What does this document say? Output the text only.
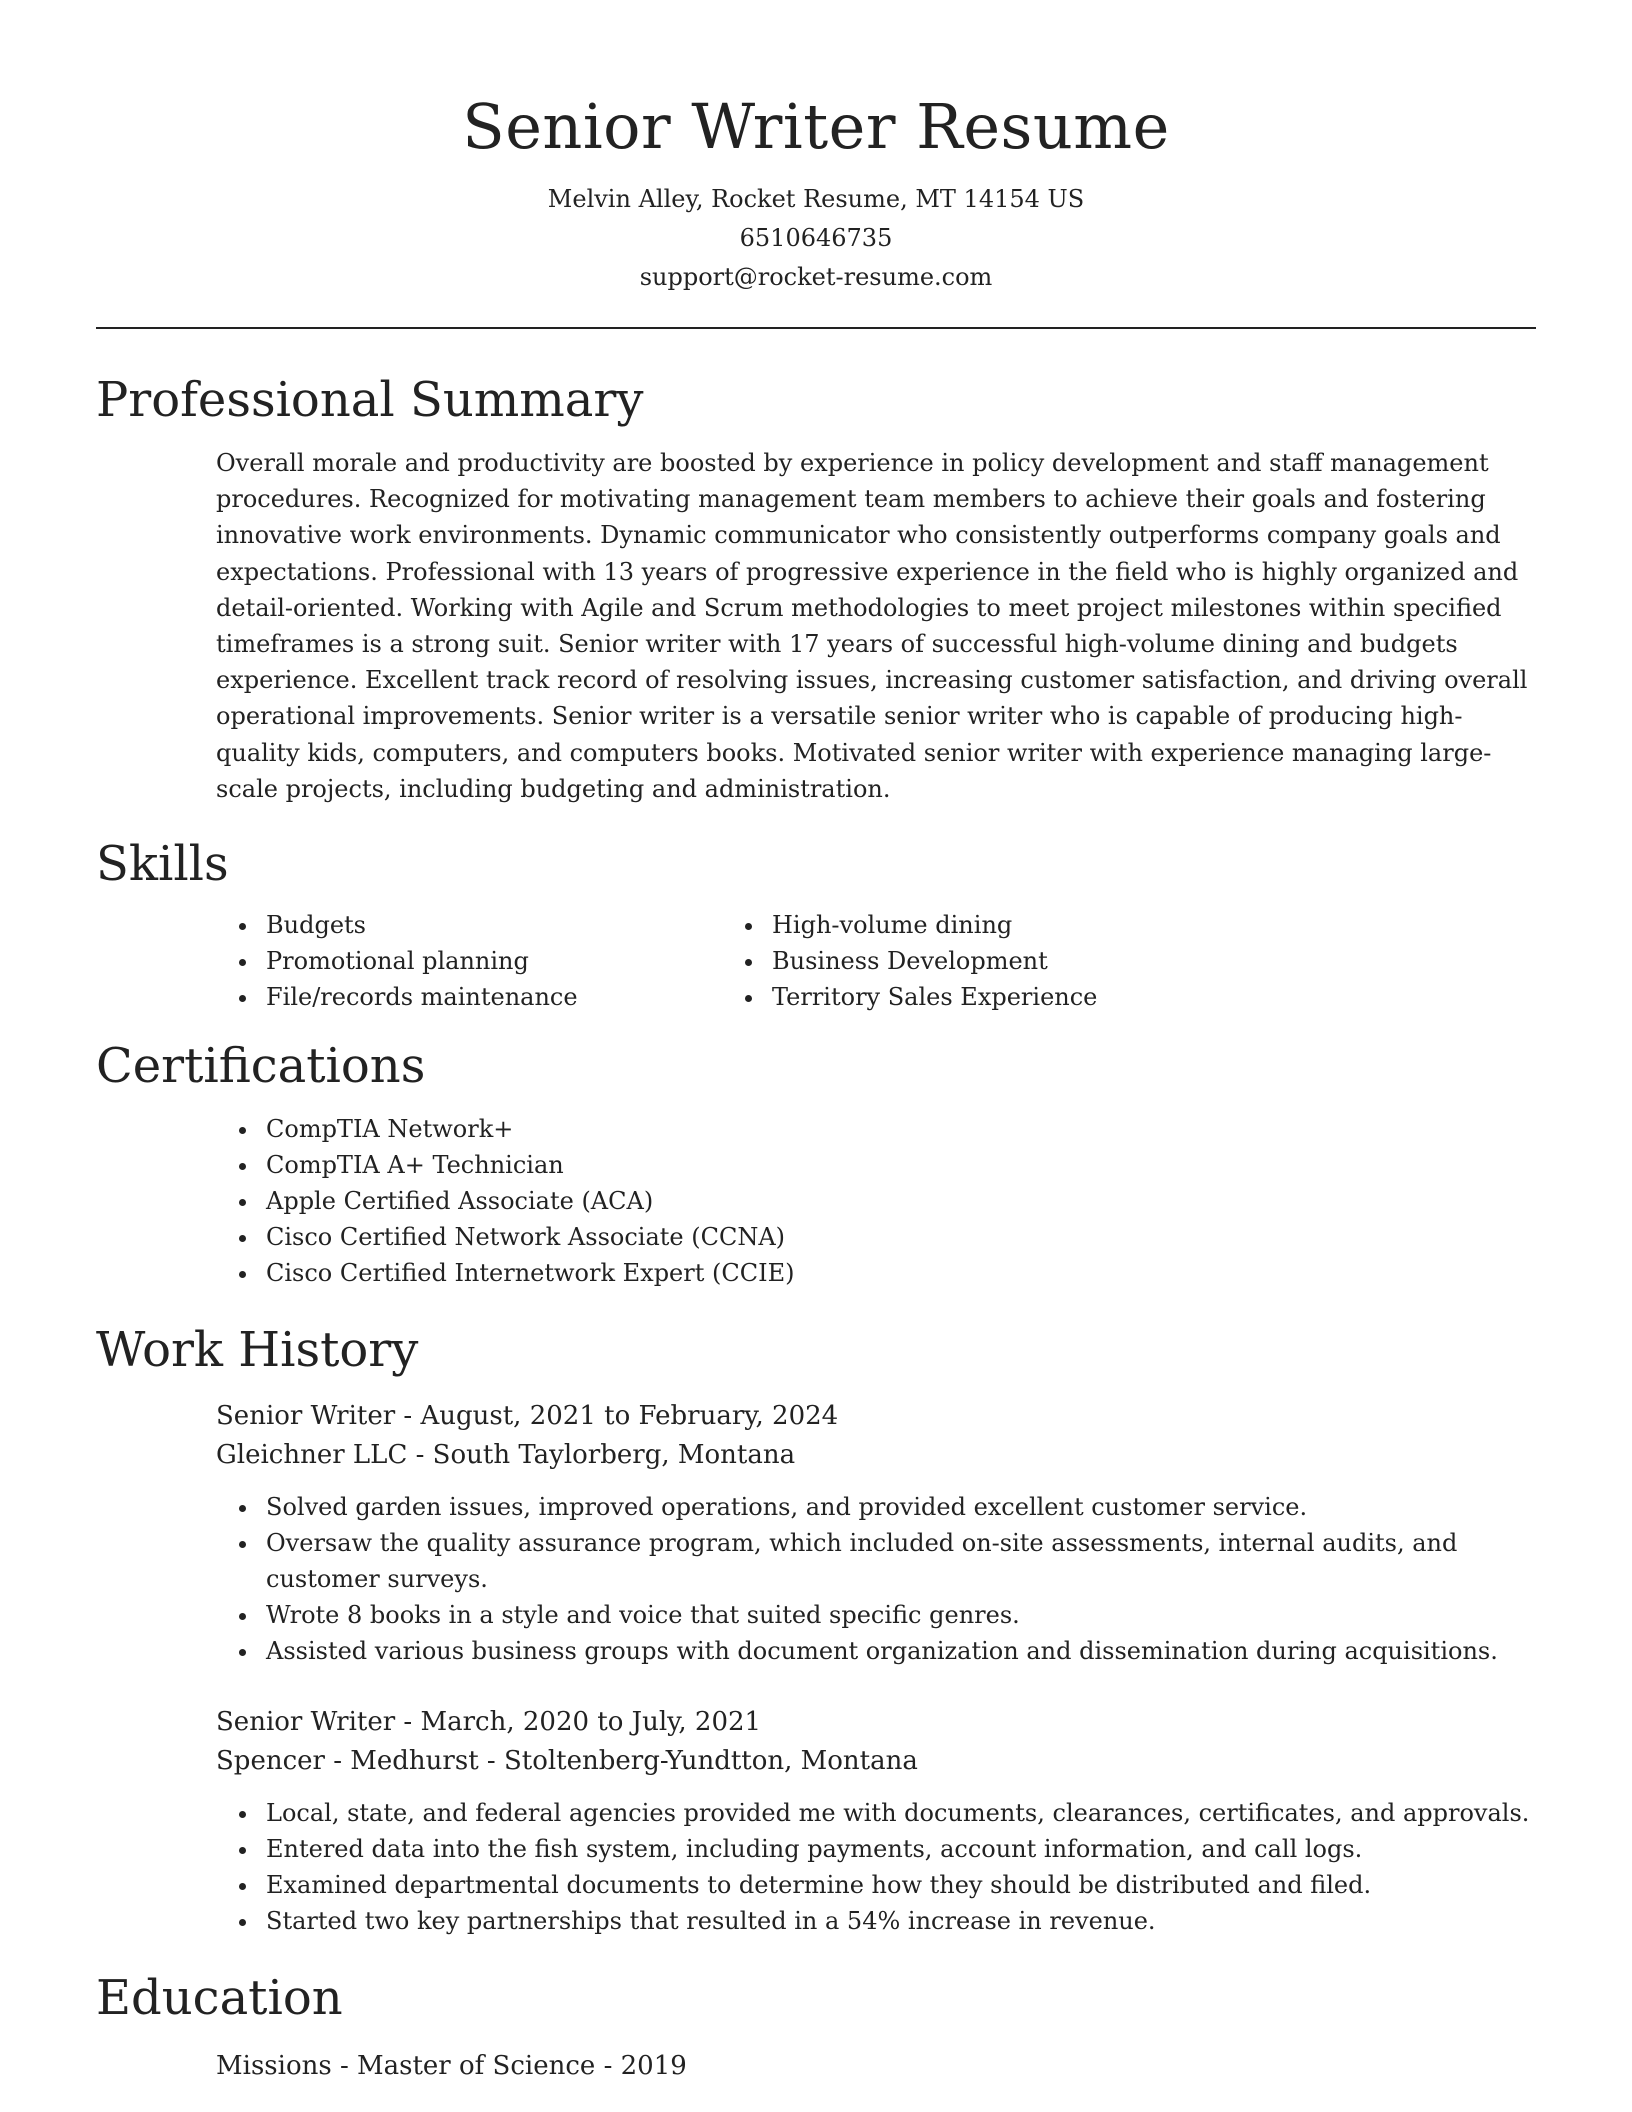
Senior Writer Resume
Melvin Alley, Rocket Resume, MT 14154 US
6510646735
support@rocket-resume.com
Professional Summary

Overall morale and productivity are boosted by experience in policy development and staff management procedures. Recognized for motivating management team members to achieve their goals and fostering innovative work environments. Dynamic communicator who consistently outperforms company goals and expectations. Professional with 13 years of progressive experience in the field who is highly organized and detail-oriented. Working with Agile and Scrum methodologies to meet project milestones within specified timeframes is a strong suit. Senior writer with 17 years of successful high-volume dining and budgets experience. Excellent track record of resolving issues, increasing customer satisfaction, and driving overall operational improvements. Senior writer is a versatile senior writer who is capable of producing high-quality kids, computers, and computers books. Motivated senior writer with experience managing large-scale projects, including budgeting and administration.

Skills
• Budgets
• Promotional planning
• File/records maintenance
• High-volume dining
• Business Development
• Territory Sales Experience
Certifications
• CompTIA Network+
• CompTIA A+ Technician
• Apple Certified Associate (ACA)
• Cisco Certified Network Associate (CCNA)
• Cisco Certified Internetwork Expert (CCIE)
Work History
Senior Writer - August, 2021 to February, 2024
Gleichner LLC - South Taylorberg, Montana
• Solved garden issues, improved operations, and provided excellent customer service.
• Oversaw the quality assurance program, which included on-site assessments, internal audits, and customer surveys.
• Wrote 8 books in a style and voice that suited specific genres.
• Assisted various business groups with document organization and dissemination during acquisitions.
Senior Writer - March, 2020 to July, 2021
Spencer - Medhurst - Stoltenberg-Yundtton, Montana
• Local, state, and federal agencies provided me with documents, clearances, certificates, and approvals.
• Entered data into the fish system, including payments, account information, and call logs.
• Examined departmental documents to determine how they should be distributed and filed.
• Started two key partnerships that resulted in a 54% increase in revenue.
Education
Missions - Master of Science - 2019
